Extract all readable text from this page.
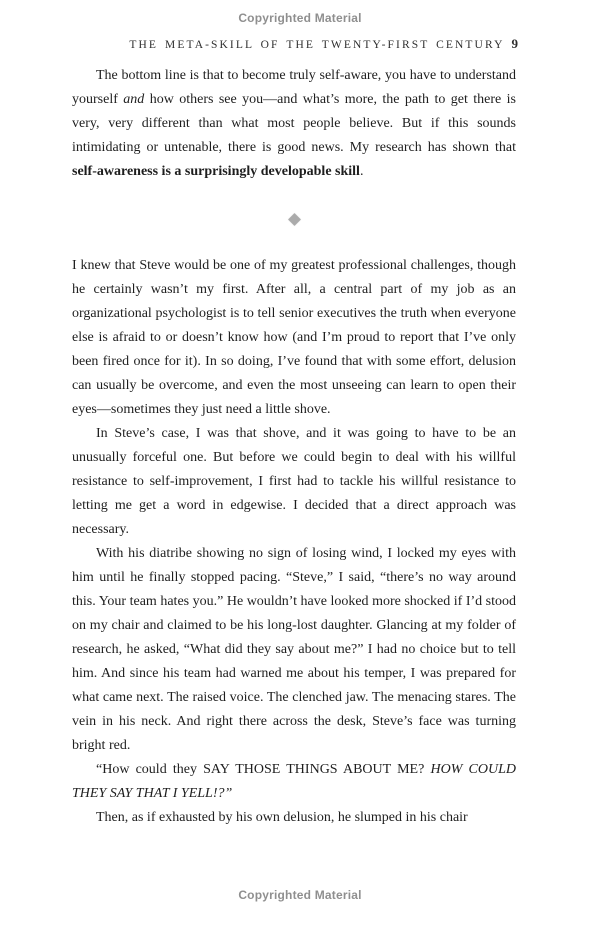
Copyrighted Material
THE META-SKILL OF THE TWENTY-FIRST CENTURY 9

The bottom line is that to become truly self-aware, you have to understand yourself and how others see you—and what’s more, the path to get there is very, very different than what most people believe. But if this sounds intimidating or untenable, there is good news. My research has shown that self-awareness is a surprisingly developable skill.

I knew that Steve would be one of my greatest professional challenges, though he certainly wasn’t my first. After all, a central part of my job as an organizational psychologist is to tell senior executives the truth when everyone else is afraid to or doesn’t know how (and I’m proud to report that I’ve only been fired once for it). In so doing, I’ve found that with some effort, delusion can usually be overcome, and even the most unseeing can learn to open their eyes—sometimes they just need a little shove.

In Steve’s case, I was that shove, and it was going to have to be an unusually forceful one. But before we could begin to deal with his willful resistance to self-improvement, I first had to tackle his willful resistance to letting me get a word in edgewise. I decided that a direct approach was necessary.

With his diatribe showing no sign of losing wind, I locked my eyes with him until he finally stopped pacing. “Steve,” I said, “there’s no way around this. Your team hates you.” He wouldn’t have looked more shocked if I’d stood on my chair and claimed to be his long-lost daughter. Glancing at my folder of research, he asked, “What did they say about me?” I had no choice but to tell him. And since his team had warned me about his temper, I was prepared for what came next. The raised voice. The clenched jaw. The menacing stares. The vein in his neck. And right there across the desk, Steve’s face was turning bright red.

“How could they SAY THOSE THINGS ABOUT ME? HOW COULD THEY SAY THAT I YELL!?”

Then, as if exhausted by his own delusion, he slumped in his chair

Copyrighted Material
